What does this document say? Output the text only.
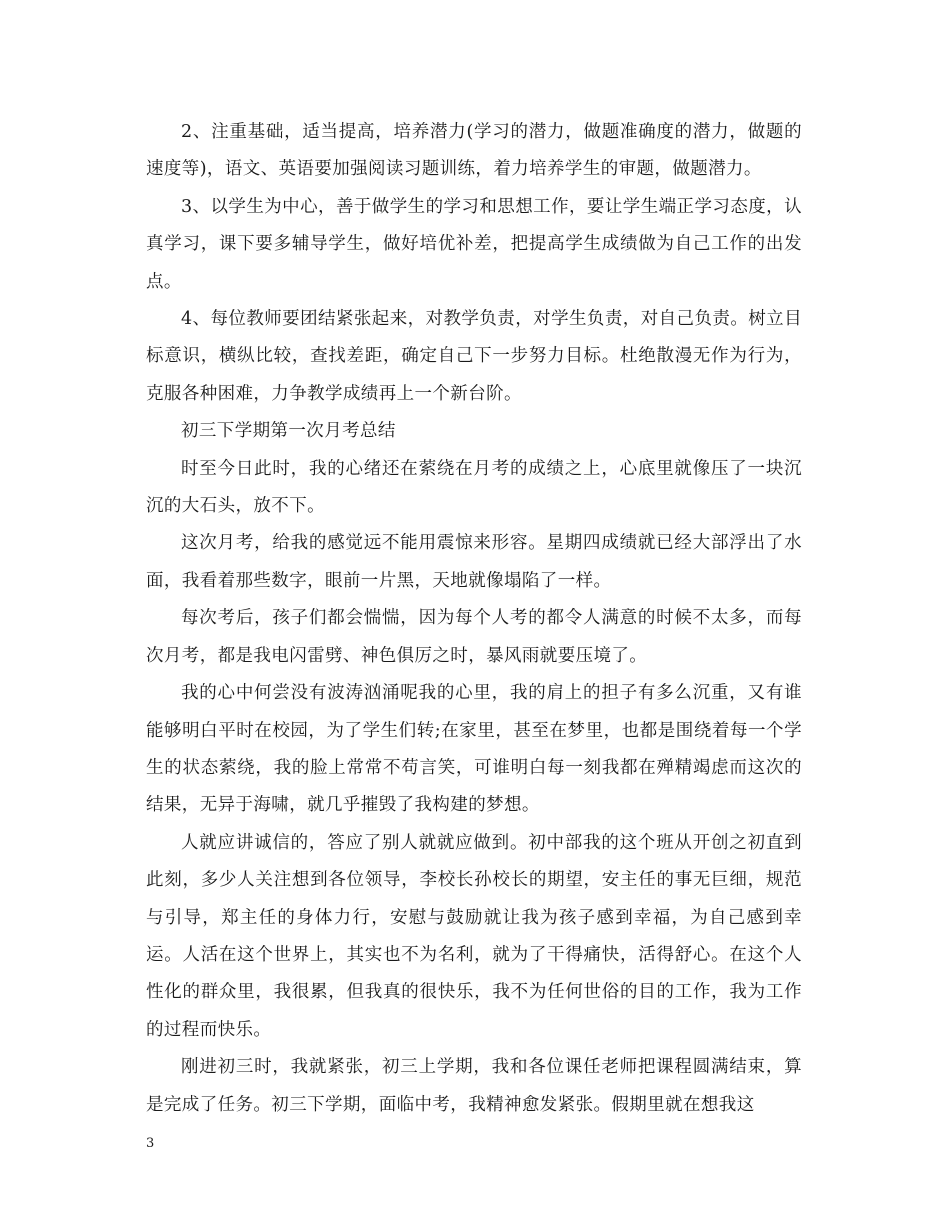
2、注重基础，适当提高，培养潜力(学习的潜力，做题准确度的潜力，做题的速度等)，语文、英语要加强阅读习题训练，着力培养学生的审题，做题潜力。

3、以学生为中心，善于做学生的学习和思想工作，要让学生端正学习态度，认真学习，课下要多辅导学生，做好培优补差，把提高学生成绩做为自己工作的出发点。

4、每位教师要团结紧张起来，对教学负责，对学生负责，对自己负责。树立目标意识，横纵比较，查找差距，确定自己下一步努力目标。杜绝散漫无作为行为，克服各种困难，力争教学成绩再上一个新台阶。

初三下学期第一次月考总结

时至今日此时，我的心绪还在萦绕在月考的成绩之上，心底里就像压了一块沉沉的大石头，放不下。

这次月考，给我的感觉远不能用震惊来形容。星期四成绩就已经大部浮出了水面，我看着那些数字，眼前一片黑，天地就像塌陷了一样。

每次考后，孩子们都会惴惴，因为每个人考的都令人满意的时候不太多，而每次月考，都是我电闪雷劈、神色俱厉之时，暴风雨就要压境了。

我的心中何尝没有波涛汹涌呢我的心里，我的肩上的担子有多么沉重，又有谁能够明白平时在校园，为了学生们转;在家里，甚至在梦里，也都是围绕着每一个学生的状态萦绕，我的脸上常常不苟言笑，可谁明白每一刻我都在殚精竭虑而这次的结果，无异于海啸，就几乎摧毁了我构建的梦想。

人就应讲诚信的，答应了别人就就应做到。初中部我的这个班从开创之初直到此刻，多少人关注想到各位领导，李校长孙校长的期望，安主任的事无巨细，规范与引导，郑主任的身体力行，安慰与鼓励就让我为孩子感到幸福，为自己感到幸运。人活在这个世界上，其实也不为名利，就为了干得痛快，活得舒心。在这个人性化的群众里，我很累，但我真的很快乐，我不为任何世俗的目的工作，我为工作的过程而快乐。

刚进初三时，我就紧张，初三上学期，我和各位课任老师把课程圆满结束，算是完成了任务。初三下学期，面临中考，我精神愈发紧张。假期里就在想我这

3
